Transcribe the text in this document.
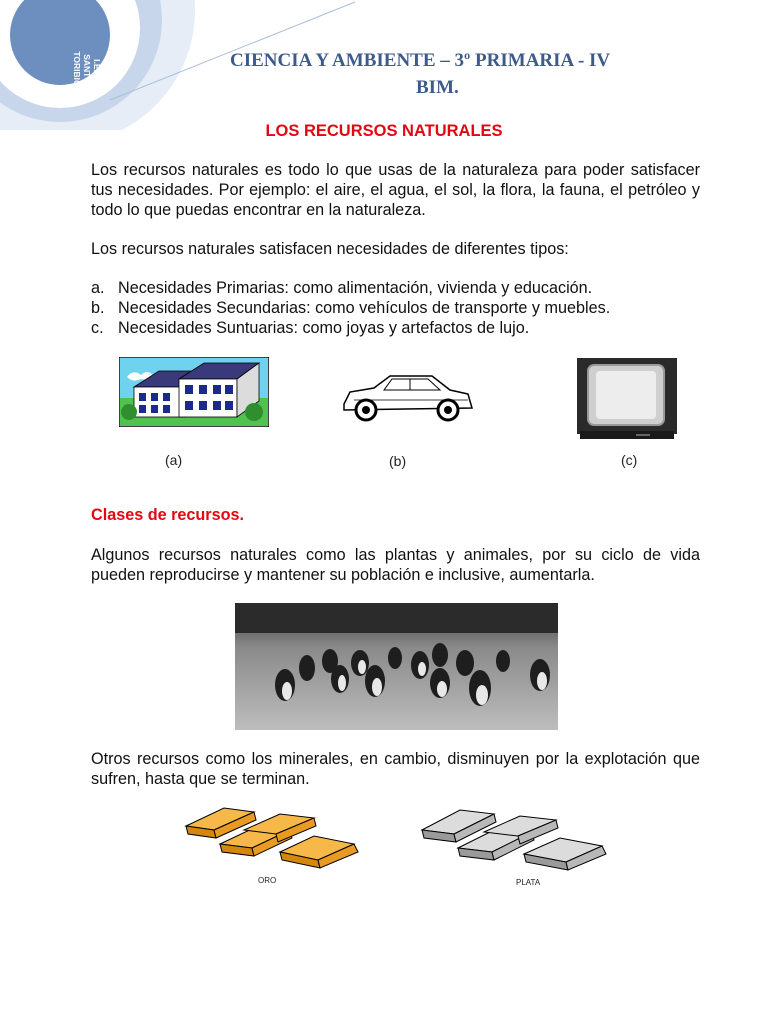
I.E.P.
SANTO
TORIBIO	CIENCIA Y AMBIENTE – 3º PRIMARIA - IV
BIM.
LOS RECURSOS NATURALES
Los recursos naturales es todo lo que usas de la naturaleza para poder satisfacer tus necesidades. Por ejemplo: el aire, el agua, el sol, la flora, la fauna, el petróleo y todo lo que puedas encontrar en la naturaleza.
Los recursos naturales satisfacen necesidades de diferentes tipos:
a. Necesidades Primarias: como alimentación, vivienda y educación.
b. Necesidades Secundarias: como vehículos de transporte y muebles.
c. Necesidades Suntuarias: como joyas y artefactos de lujo.
(a)	(b)	(c)
Clases de recursos.
Algunos recursos naturales como las plantas y animales, por su ciclo de vida pueden reproducirse y mantener su población e inclusive, aumentarla.
Otros recursos como los minerales, en cambio, disminuyen por la explotación que sufren, hasta que se terminan.
ORO	PLATA
